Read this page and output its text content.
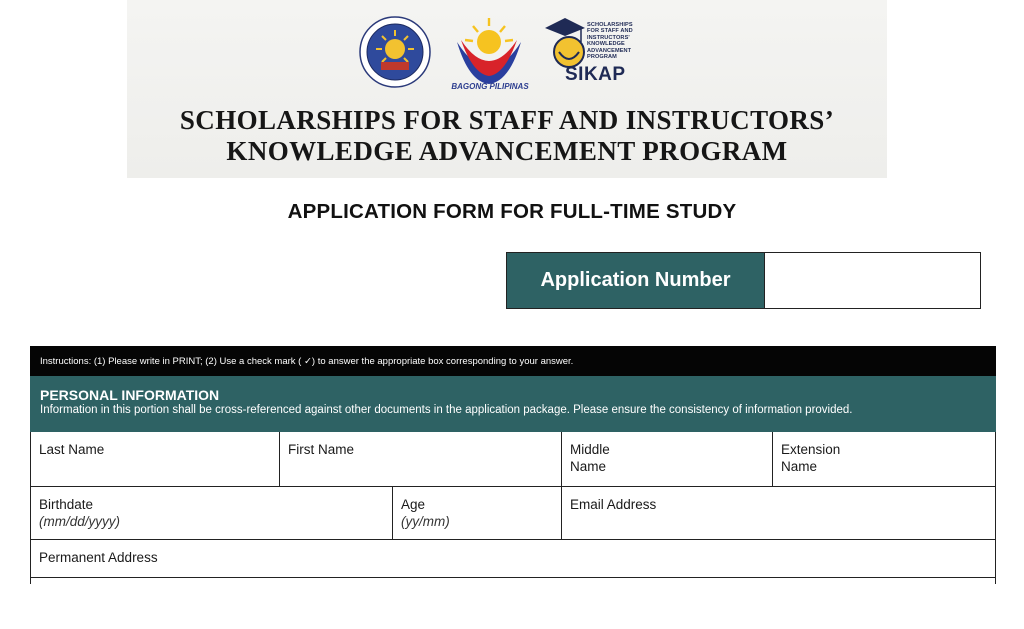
BAGONG PILIPINAS
SCHOLARSHIPS
FOR STAFF AND
INSTRUCTORS'
KNOWLEDGE
ADVANCEMENT
PROGRAM
SIKAP
SCHOLARSHIPS FOR STAFF AND INSTRUCTORS’
KNOWLEDGE ADVANCEMENT PROGRAM
APPLICATION FORM FOR FULL-TIME STUDY
Application Number
Instructions: (1) Please write in PRINT; (2) Use a check mark ( ✓) to answer the appropriate box corresponding to your answer.
PERSONAL INFORMATION
Information in this portion shall be cross-referenced against other documents in the application package. Please ensure the consistency of information provided.
Last Name	First Name	Middle
Name
Extension
Name
Birthdate
(mm/dd/yyyy)
Age
(yy/mm)
Email Address
Permanent Address
